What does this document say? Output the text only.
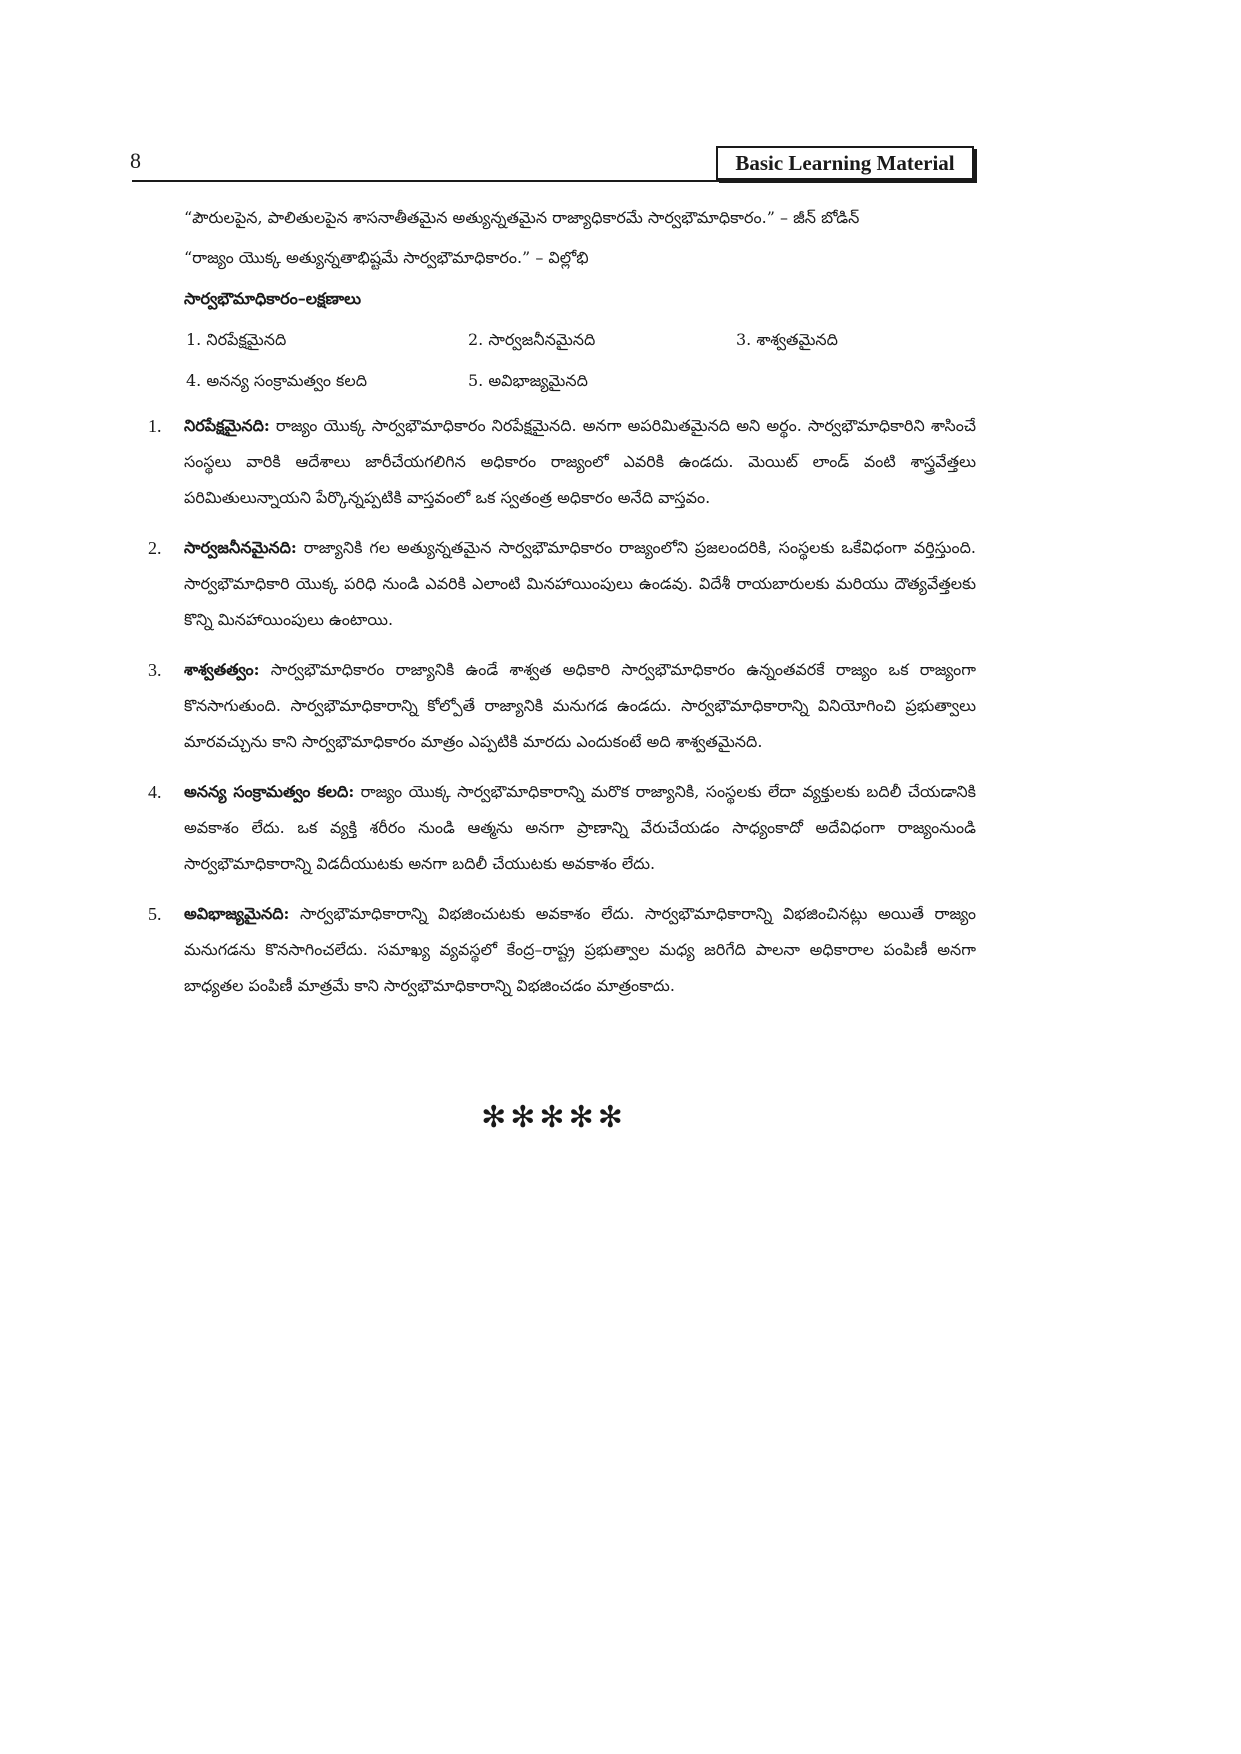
8	Basic Learning Material
“పౌరులపైన, పాలితులపైన శాసనాతీతమైన అత్యున్నతమైన రాజ్యాధికారమే సార్వభౌమాధికారం.” – జీన్ బోడిన్
“రాజ్యం యొక్క అత్యున్నతాభిష్టమే సార్వభౌమాధికారం.” – విల్లోభి
సార్వభౌమాధికారం–లక్షణాలు
1. నిరపేక్షమైనది	2. సార్వజనీనమైనది	3. శాశ్వతమైనది
4. అనన్య సంక్రామత్వం కలది	5. అవిభాజ్యమైనది
1. నిరపేక్షమైనది: రాజ్యం యొక్క సార్వభౌమాధికారం నిరపేక్షమైనది. అనగా అపరిమితమైనది అని అర్థం. సార్వభౌమాధికారిని శాసించే సంస్థలు వారికి ఆదేశాలు జారీచేయగలిగిన అధికారం రాజ్యంలో ఎవరికి ఉండదు. మెయిట్ లాండ్ వంటి శాస్త్రవేత్తలు పరిమితులున్నాయని పేర్కొన్నప్పటికి వాస్తవంలో ఒక స్వతంత్ర అధికారం అనేది వాస్తవం.
2. సార్వజనీనమైనది: రాజ్యానికి గల అత్యున్నతమైన సార్వభౌమాధికారం రాజ్యంలోని ప్రజలందరికి, సంస్థలకు ఒకేవిధంగా వర్తిస్తుంది. సార్వభౌమాధికారి యొక్క పరిధి నుండి ఎవరికి ఎలాంటి మినహాయింపులు ఉండవు. విదేశీ రాయబారులకు మరియు దౌత్యవేత్తలకు కొన్ని మినహాయింపులు ఉంటాయి.
3. శాశ్వతత్వం: సార్వభౌమాధికారం రాజ్యానికి ఉండే శాశ్వత అధికారి సార్వభౌమాధికారం ఉన్నంతవరకే రాజ్యం ఒక రాజ్యంగా కొనసాగుతుంది. సార్వభౌమాధికారాన్ని కోల్పోతే రాజ్యానికి మనుగడ ఉండదు. సార్వభౌమాధికారాన్ని వినియోగించి ప్రభుత్వాలు మారవచ్చును కాని సార్వభౌమాధికారం మాత్రం ఎప్పటికి మారదు ఎందుకంటే అది శాశ్వతమైనది.
4. అనన్య సంక్రామత్వం కలది: రాజ్యం యొక్క సార్వభౌమాధికారాన్ని మరొక రాజ్యానికి, సంస్థలకు లేదా వ్యక్తులకు బదిలీ చేయడానికి అవకాశం లేదు. ఒక వ్యక్తి శరీరం నుండి ఆత్మను అనగా ప్రాణాన్ని వేరుచేయడం సాధ్యంకాదో అదేవిధంగా రాజ్యంనుండి సార్వభౌమాధికారాన్ని విడదీయుటకు అనగా బదిలీ చేయుటకు అవకాశం లేదు.
5. అవిభాజ్యమైనది: సార్వభౌమాధికారాన్ని విభజించుటకు అవకాశం లేదు. సార్వభౌమాధికారాన్ని విభజించినట్లు అయితే రాజ్యం మనుగడను కొనసాగించలేదు. సమాఖ్య వ్యవస్థలో కేంద్ర–రాష్ట్ర ప్రభుత్వాల మధ్య జరిగేది పాలనా అధికారాల పంపిణీ అనగా బాధ్యతల పంపిణీ మాత్రమే కాని సార్వభౌమాధికారాన్ని విభజించడం మాత్రంకాదు.
✻✻✻✻✻
